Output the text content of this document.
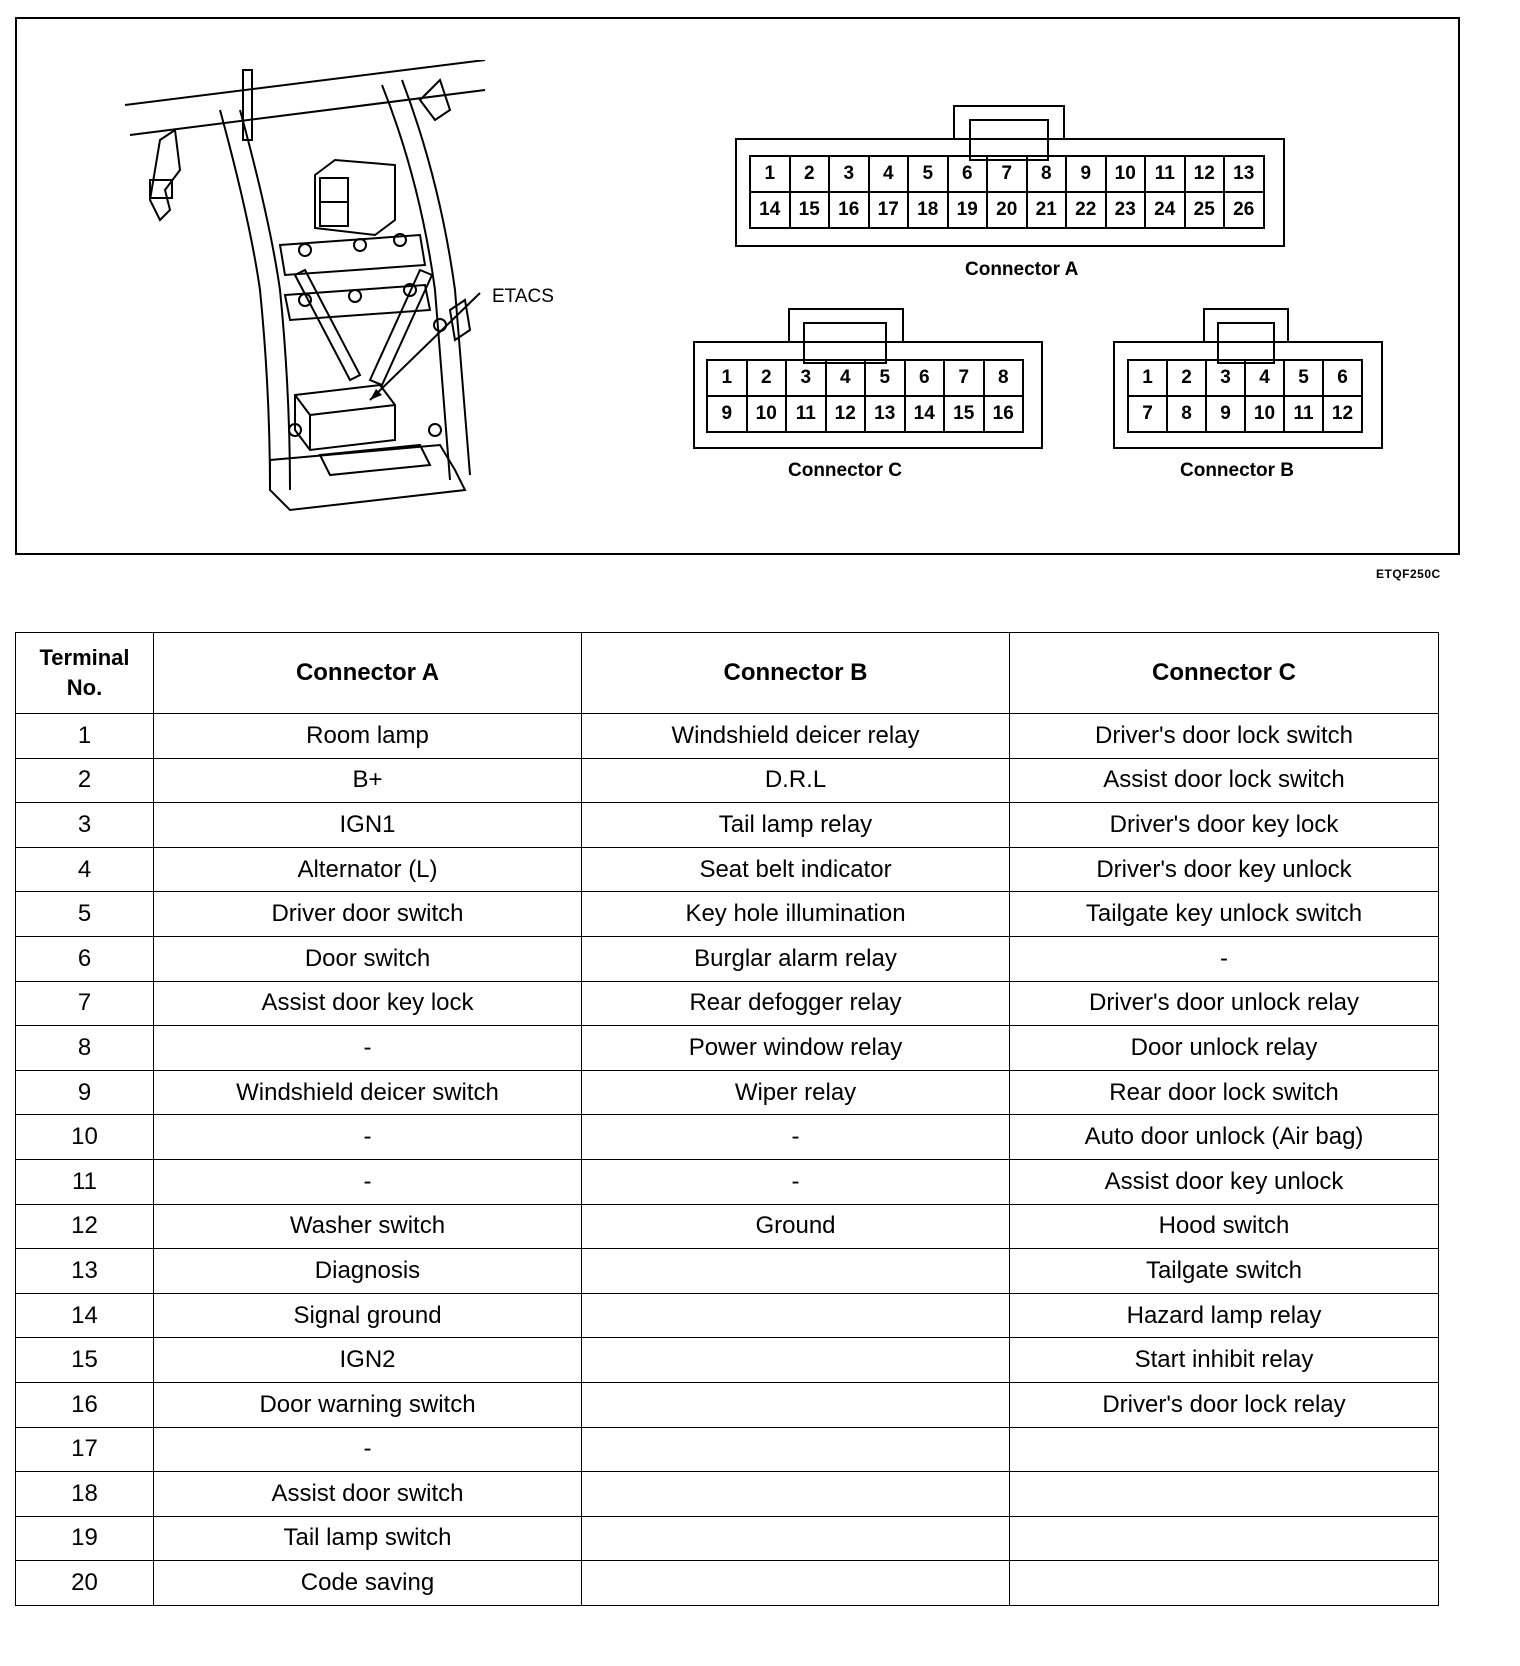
ETACS
1	2	3	4	5	6	7	8	9	10 11 12 13
14 15 16 17 18 19 20 21 22 23 24 25 26
Connector A
1	2	3	4	5	6	7	8
9	10 11 12 13 14 15 16
Connector C
1	2	3	4	5	6
7	8	9	10 11 12
Connector B
ETQF250C
Terminal
No.	Connector A	Connector B	Connector C
1	Room lamp	Windshield deicer relay	Driver's door lock switch
2	B+	D.R.L	Assist door lock switch
3	IGN1	Tail lamp relay	Driver's door key lock
4	Alternator (L)	Seat belt indicator	Driver's door key unlock
5	Driver door switch	Key hole illumination	Tailgate key unlock switch
6	Door switch	Burglar alarm relay	-
7	Assist door key lock	Rear defogger relay	Driver's door unlock relay
8	-	Power window relay	Door unlock relay
9	Windshield deicer switch	Wiper relay	Rear door lock switch
10	-	-	Auto door unlock (Air bag)
11	-	-	Assist door key unlock
12	Washer switch	Ground	Hood switch
13	Diagnosis		Tailgate switch
14	Signal ground		Hazard lamp relay
15	IGN2		Start inhibit relay
16	Door warning switch		Driver's door lock relay
17	-		
18	Assist door switch		
19	Tail lamp switch		
20	Code saving		
